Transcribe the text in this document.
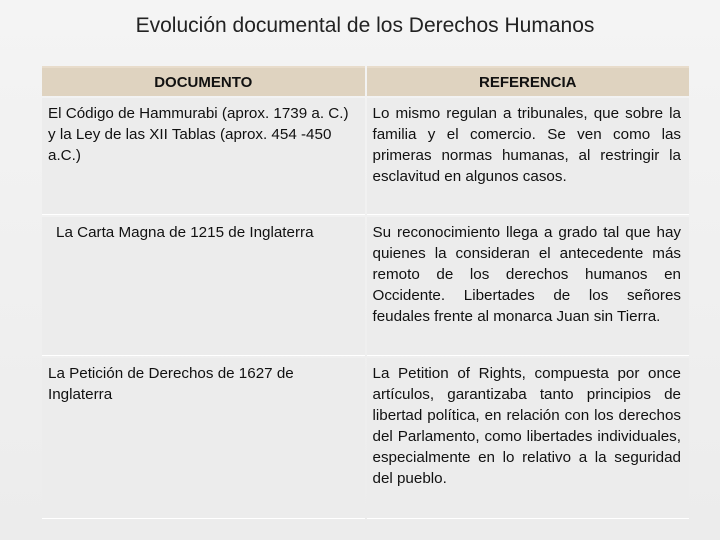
Evolución documental de los Derechos Humanos
DOCUMENTO	REFERENCIA
El Código de Hammurabi (aprox. 1739 a. C.) y la Ley de las XII Tablas (aprox. 454 -450 a.C.)	Lo mismo regulan a tribunales, que sobre la familia y el comercio. Se ven como las primeras normas humanas, al restringir la esclavitud en algunos casos.
La Carta Magna de 1215 de Inglaterra	Su reconocimiento llega a grado tal que hay quienes la consideran el antecedente más remoto de los derechos humanos en Occidente. Libertades de los señores feudales frente al monarca Juan sin Tierra.
La Petición de Derechos de 1627 de Inglaterra	La Petition of Rights, compuesta por once artículos, garantizaba tanto principios de libertad política, en relación con los derechos del Parlamento, como libertades individuales, especialmente en lo relativo a la seguridad del pueblo.
